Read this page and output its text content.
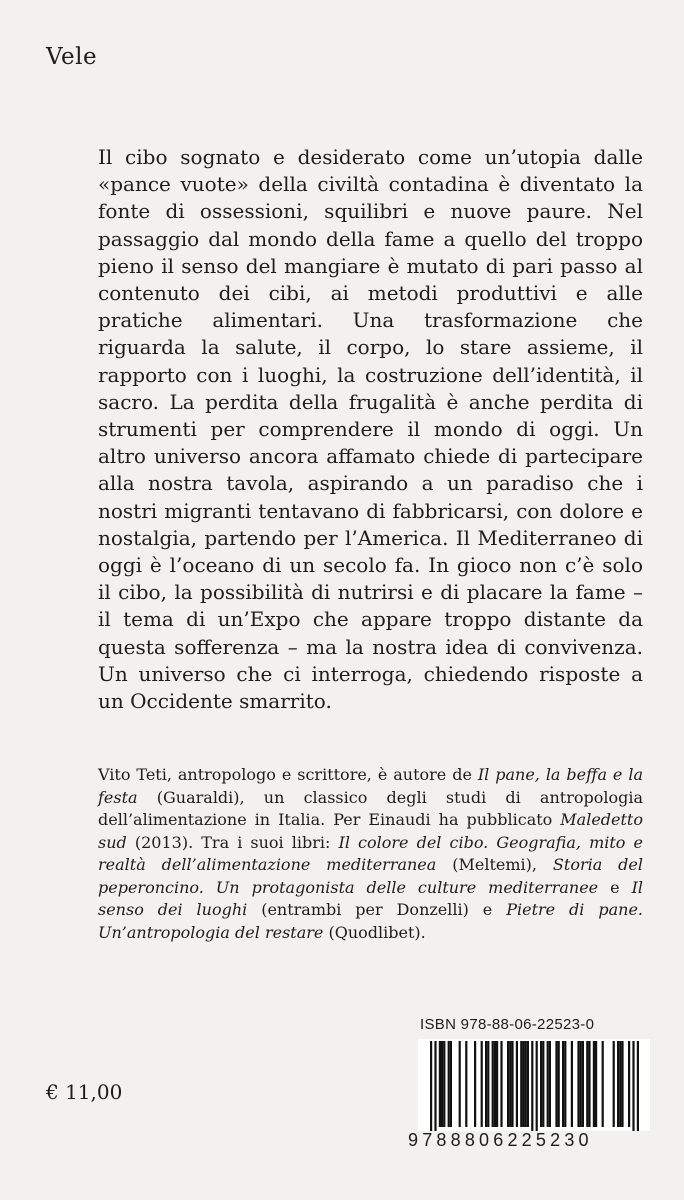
Vele

Il cibo sognato e desiderato come un’utopia dalle «pance vuote» della civiltà contadina è diventato la fonte di ossessioni, squilibri e nuove paure. Nel passaggio dal mondo della fame a quello del troppo pieno il senso del mangiare è mutato di pari passo al contenuto dei cibi, ai metodi produttivi e alle pratiche alimentari. Una trasformazione che riguarda la salute, il corpo, lo stare assieme, il rapporto con i luoghi, la costruzione dell’identità, il sacro. La perdita della frugalità è anche perdita di strumenti per comprendere il mondo di oggi. Un altro universo ancora affamato chiede di partecipare alla nostra tavola, aspirando a un paradiso che i nostri migranti tentavano di fabbricarsi, con dolore e nostalgia, partendo per l’America. Il Mediterraneo di oggi è l’oceano di un secolo fa. In gioco non c’è solo il cibo, la possibilità di nutrirsi e di placare la fame – il tema di un’Expo che appare troppo distante da questa sofferenza – ma la nostra idea di convivenza. Un universo che ci interroga, chiedendo risposte a un Occidente smarrito.

Vito Teti, antropologo e scrittore, è autore de Il pane, la beffa e la festa (Guaraldi), un classico degli studi di antropologia dell’alimentazione in Italia. Per Einaudi ha pubblicato Maledetto sud (2013). Tra i suoi libri: Il colore del cibo. Geografia, mito e realtà dell’alimentazione mediterranea (Meltemi), Storia del peperoncino. Un protagonista delle culture mediterranee e Il senso dei luoghi (entrambi per Donzelli) e Pietre di pane. Un’antropologia del restare (Quodlibet).

ISBN 978-88-06-22523-0
9788806225230
€ 11,00
